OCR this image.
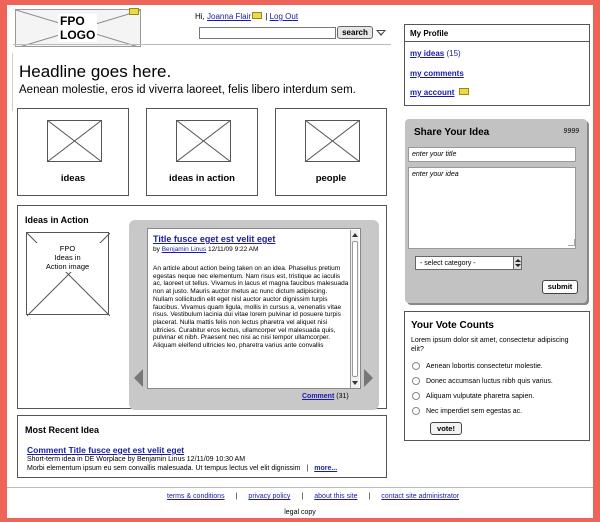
FPO
LOGO
Hi, Joanna Flair | Log Out
search
Headline goes here.
Aenean molestie, eros id viverra laoreet, felis libero interdum sem.
ideas	ideas in action	people
Ideas in Action
FPO
Ideas in
Action image
Title fusce eget est velit eget
by Benjamin Linus 12/11/09 9:22 AM
An article about action being taken on an idea. Phasellus pretium egestas neque nec elementum. Nam risus est, tristique ac iaculis ac, laoreet ut tellus. Vivamus in lacus et magna faucibus malesuada non at justo. Mauris auctor metus ac nunc dictum adipiscing. Nullam sollicitudin elit eget nisl auctor auctor dignissim turpis faucibus. Vivamus quam ligula, mollis in cursus a, venenatis vitae risus. Vestibulum lacinia dui vitae lorem pulvinar id posuere turpis placerat. Nulla mattis felis non lectus pharetra vel aliquet nisi ultricies. Curabitur eros lectus, ullamcorper vel malesuada quis, pulvinar et nibh. Praesent nec nisi ac nisi tempor ullamcorper. Aliquam eleifend ultricies leo, pharetra varius ante convallis
Comment (31)
Most Recent Idea
Comment Title fusce eget est velit eget
Short-term idea in DE Worplace by Benjamin Linus 12/11/09 10:30 AM
Morbi elementum ipsum eu sem convallis malesuada. Ut tempus lectus vel elit dignissim | more...
My Profile
my ideas (15)
my comments
my account
Share Your Idea	9999
enter your title
enter your idea
- select category -
submit
Your Vote Counts
Lorem ipsum dolor sit amet, consectetur adipiscing elit?
Aenean lobortis consectetur molestie.
Donec accumsan luctus nibh quis varius.
Aliquam vulputate pharetra sapien.
Nec imperdiet sem egestas ac.
vote!
terms & conditions | privacy policy | about this site | contact site administrator
legal copy
